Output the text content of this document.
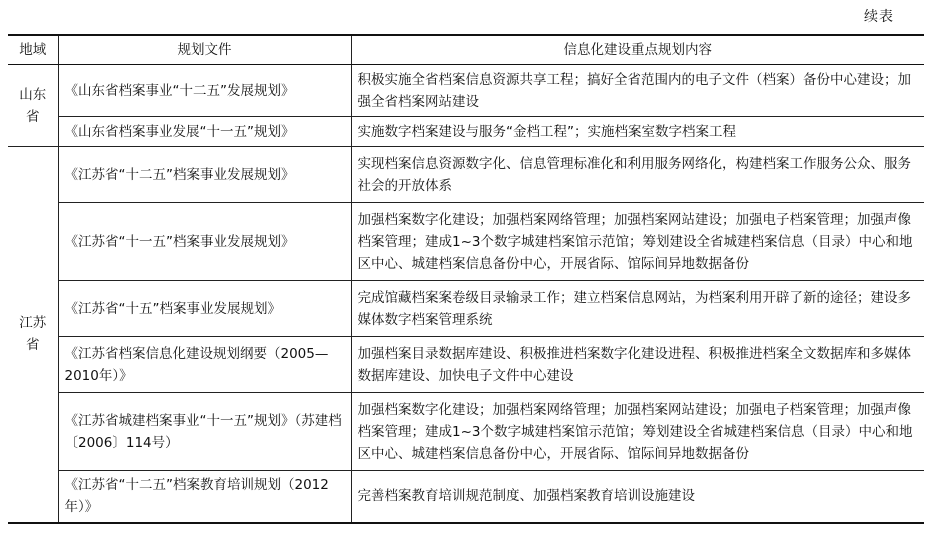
续表
地域	规划文件	信息化建设重点规划内容
山东省	《山东省档案事业“十二五”发展规划》	积极实施全省档案信息资源共享工程；搞好全省范围内的电子文件（档案）备份中心建设；加强全省档案网站建设
	《山东省档案事业发展“十一五”规划》	实施数字档案建设与服务“金档工程”；实施档案室数字档案工程
江苏省	《江苏省“十二五”档案事业发展规划》	实现档案信息资源数字化、信息管理标准化和利用服务网络化，构建档案工作服务公众、服务社会的开放体系
	《江苏省“十一五”档案事业发展规划》	加强档案数字化建设；加强档案网络管理；加强档案网站建设；加强电子档案管理；加强声像档案管理；建成1~3个数字城建档案馆示范馆；筹划建设全省城建档案信息（目录）中心和地区中心、城建档案信息备份中心，开展省际、馆际间异地数据备份
	《江苏省“十五”档案事业发展规划》	完成馆藏档案案卷级目录输录工作；建立档案信息网站，为档案利用开辟了新的途径；建设多媒体数字档案管理系统
	《江苏省档案信息化建设规划纲要（2005—2010年）》	加强档案目录数据库建设、积极推进档案数字化建设进程、积极推进档案全文数据库和多媒体数据库建设、加快电子文件中心建设
	《江苏省城建档案事业“十一五”规划》（苏建档〔2006〕114号）	加强档案数字化建设；加强档案网络管理；加强档案网站建设；加强电子档案管理；加强声像档案管理；建成1~3个数字城建档案馆示范馆；筹划建设全省城建档案信息（目录）中心和地区中心、城建档案信息备份中心，开展省际、馆际间异地数据备份
	《江苏省“十二五”档案教育培训规划（2012年）》	完善档案教育培训规范制度、加强档案教育培训设施建设
